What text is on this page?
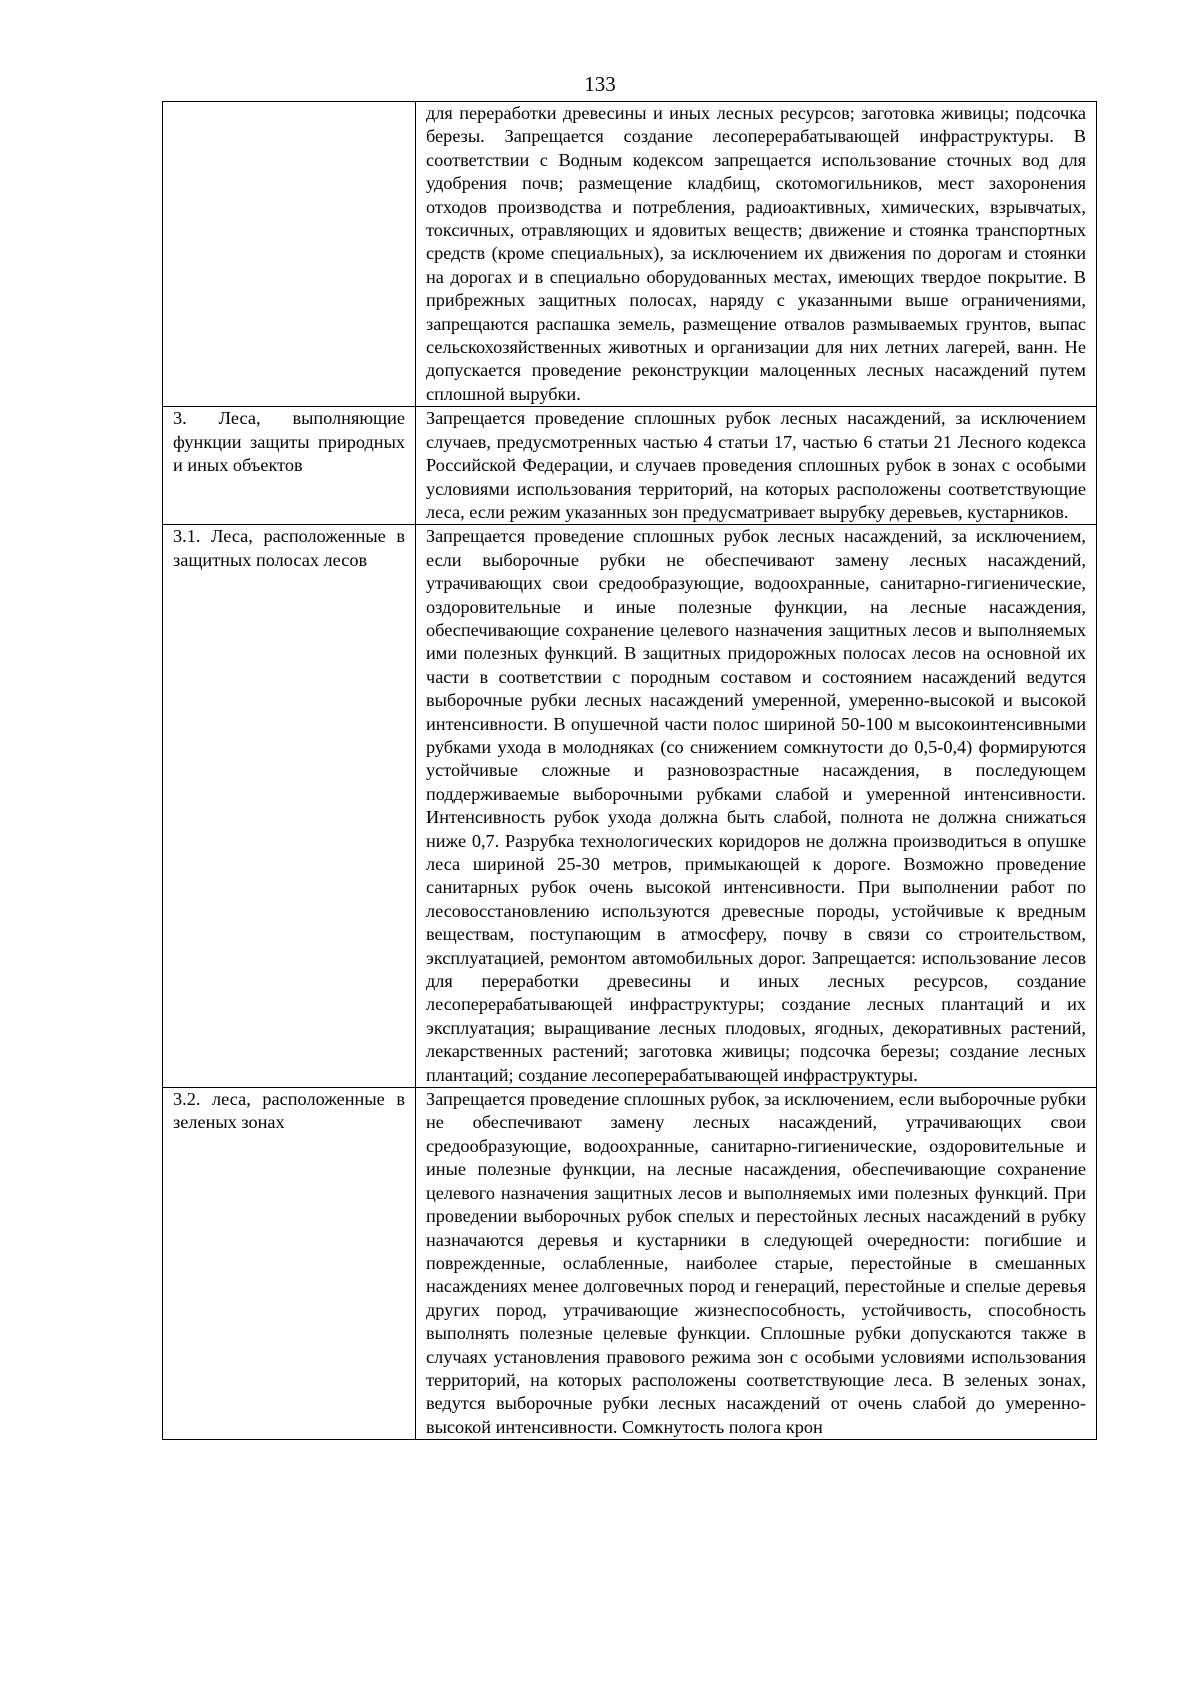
133

	для переработки древесины и иных лесных ресурсов; заготовка живицы; подсочка березы. Запрещается создание лесоперерабатывающей инфраструктуры. В соответствии с Водным кодексом запрещается использование сточных вод для удобрения почв; размещение кладбищ, скотомогильников, мест захоронения отходов производства и потребления, радиоактивных, химических, взрывчатых, токсичных, отравляющих и ядовитых веществ; движение и стоянка транспортных средств (кроме специальных), за исключением их движения по дорогам и стоянки на дорогах и в специально оборудованных местах, имеющих твердое покрытие. В прибрежных защитных полосах, наряду с указанными выше ограничениями, запрещаются распашка земель, размещение отвалов размываемых грунтов, выпас сельскохозяйственных животных и организации для них летних лагерей, ванн. Не допускается проведение реконструкции малоценных лесных насаждений путем сплошной вырубки.

3. Леса, выполняющие функции защиты природных и иных объектов	Запрещается проведение сплошных рубок лесных насаждений, за исключением случаев, предусмотренных частью 4 статьи 17, частью 6 статьи 21 Лесного кодекса Российской Федерации, и случаев проведения сплошных рубок в зонах с особыми условиями использования территорий, на которых расположены соответствующие леса, если режим указанных зон предусматривает вырубку деревьев, кустарников.

3.1. Леса, расположенные в защитных полосах лесов	Запрещается проведение сплошных рубок лесных насаждений, за исключением, если выборочные рубки не обеспечивают замену лесных насаждений, утрачивающих свои средообразующие, водоохранные, санитарно-гигиенические, оздоровительные и иные полезные функции, на лесные насаждения, обеспечивающие сохранение целевого назначения защитных лесов и выполняемых ими полезных функций. В защитных придорожных полосах лесов на основной их части в соответствии с породным составом и состоянием насаждений ведутся выборочные рубки лесных насаждений умеренной, умеренно-высокой и высокой интенсивности. В опушечной части полос шириной 50-100 м высокоинтенсивными рубками ухода в молодняках (со снижением сомкнутости до 0,5-0,4) формируются устойчивые сложные и разновозрастные насаждения, в последующем поддерживаемые выборочными рубками слабой и умеренной интенсивности. Интенсивность рубок ухода должна быть слабой, полнота не должна снижаться ниже 0,7. Разрубка технологических коридоров не должна производиться в опушке леса шириной 25-30 метров, примыкающей к дороге. Возможно проведение санитарных рубок очень высокой интенсивности. При выполнении работ по лесовосстановлению используются древесные породы, устойчивые к вредным веществам, поступающим в атмосферу, почву в связи со строительством, эксплуатацией, ремонтом автомобильных дорог. Запрещается: использование лесов для переработки древесины и иных лесных ресурсов, создание лесоперерабатывающей инфраструктуры; создание лесных плантаций и их эксплуатация; выращивание лесных плодовых, ягодных, декоративных растений, лекарственных растений; заготовка живицы; подсочка березы; создание лесных плантаций; создание лесоперерабатывающей инфраструктуры.

3.2. леса, расположенные в зеленых зонах	Запрещается проведение сплошных рубок, за исключением, если выборочные рубки не обеспечивают замену лесных насаждений, утрачивающих свои средообразующие, водоохранные, санитарно-гигиенические, оздоровительные и иные полезные функции, на лесные насаждения, обеспечивающие сохранение целевого назначения защитных лесов и выполняемых ими полезных функций. При проведении выборочных рубок спелых и перестойных лесных насаждений в рубку назначаются деревья и кустарники в следующей очередности: погибшие и поврежденные, ослабленные, наиболее старые, перестойные в смешанных насаждениях менее долговечных пород и генераций, перестойные и спелые деревья других пород, утрачивающие жизнеспособность, устойчивость, способность выполнять полезные целевые функции. Сплошные рубки допускаются также в случаях установления правового режима зон с особыми условиями использования территорий, на которых расположены соответствующие леса. В зеленых зонах, ведутся выборочные рубки лесных насаждений от очень слабой до умеренно-высокой интенсивности. Сомкнутость полога крон
